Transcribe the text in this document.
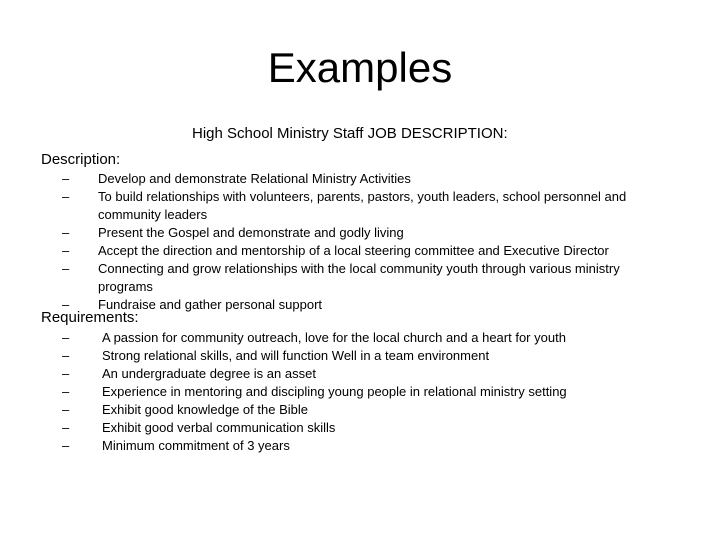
Examples
High School Ministry Staff JOB DESCRIPTION:
Description:
–	Develop and demonstrate Relational Ministry Activities
–	To build relationships with volunteers, parents, pastors, youth leaders, school personnel and community leaders
–	Present the Gospel and demonstrate and godly living
–	Accept the direction and mentorship of a local steering committee and Executive Director
–	Connecting and grow relationships with the local community youth through various ministry programs
–	Fundraise and gather personal support
Requirements:
–	A passion for community outreach, love for the local church and a heart for youth
–	Strong relational skills, and will function Well in a team environment
–	An undergraduate degree is an asset
–	Experience in mentoring and discipling young people in relational ministry setting
–	Exhibit good knowledge of the Bible
–	Exhibit good verbal communication skills
–	Minimum commitment of 3 years
